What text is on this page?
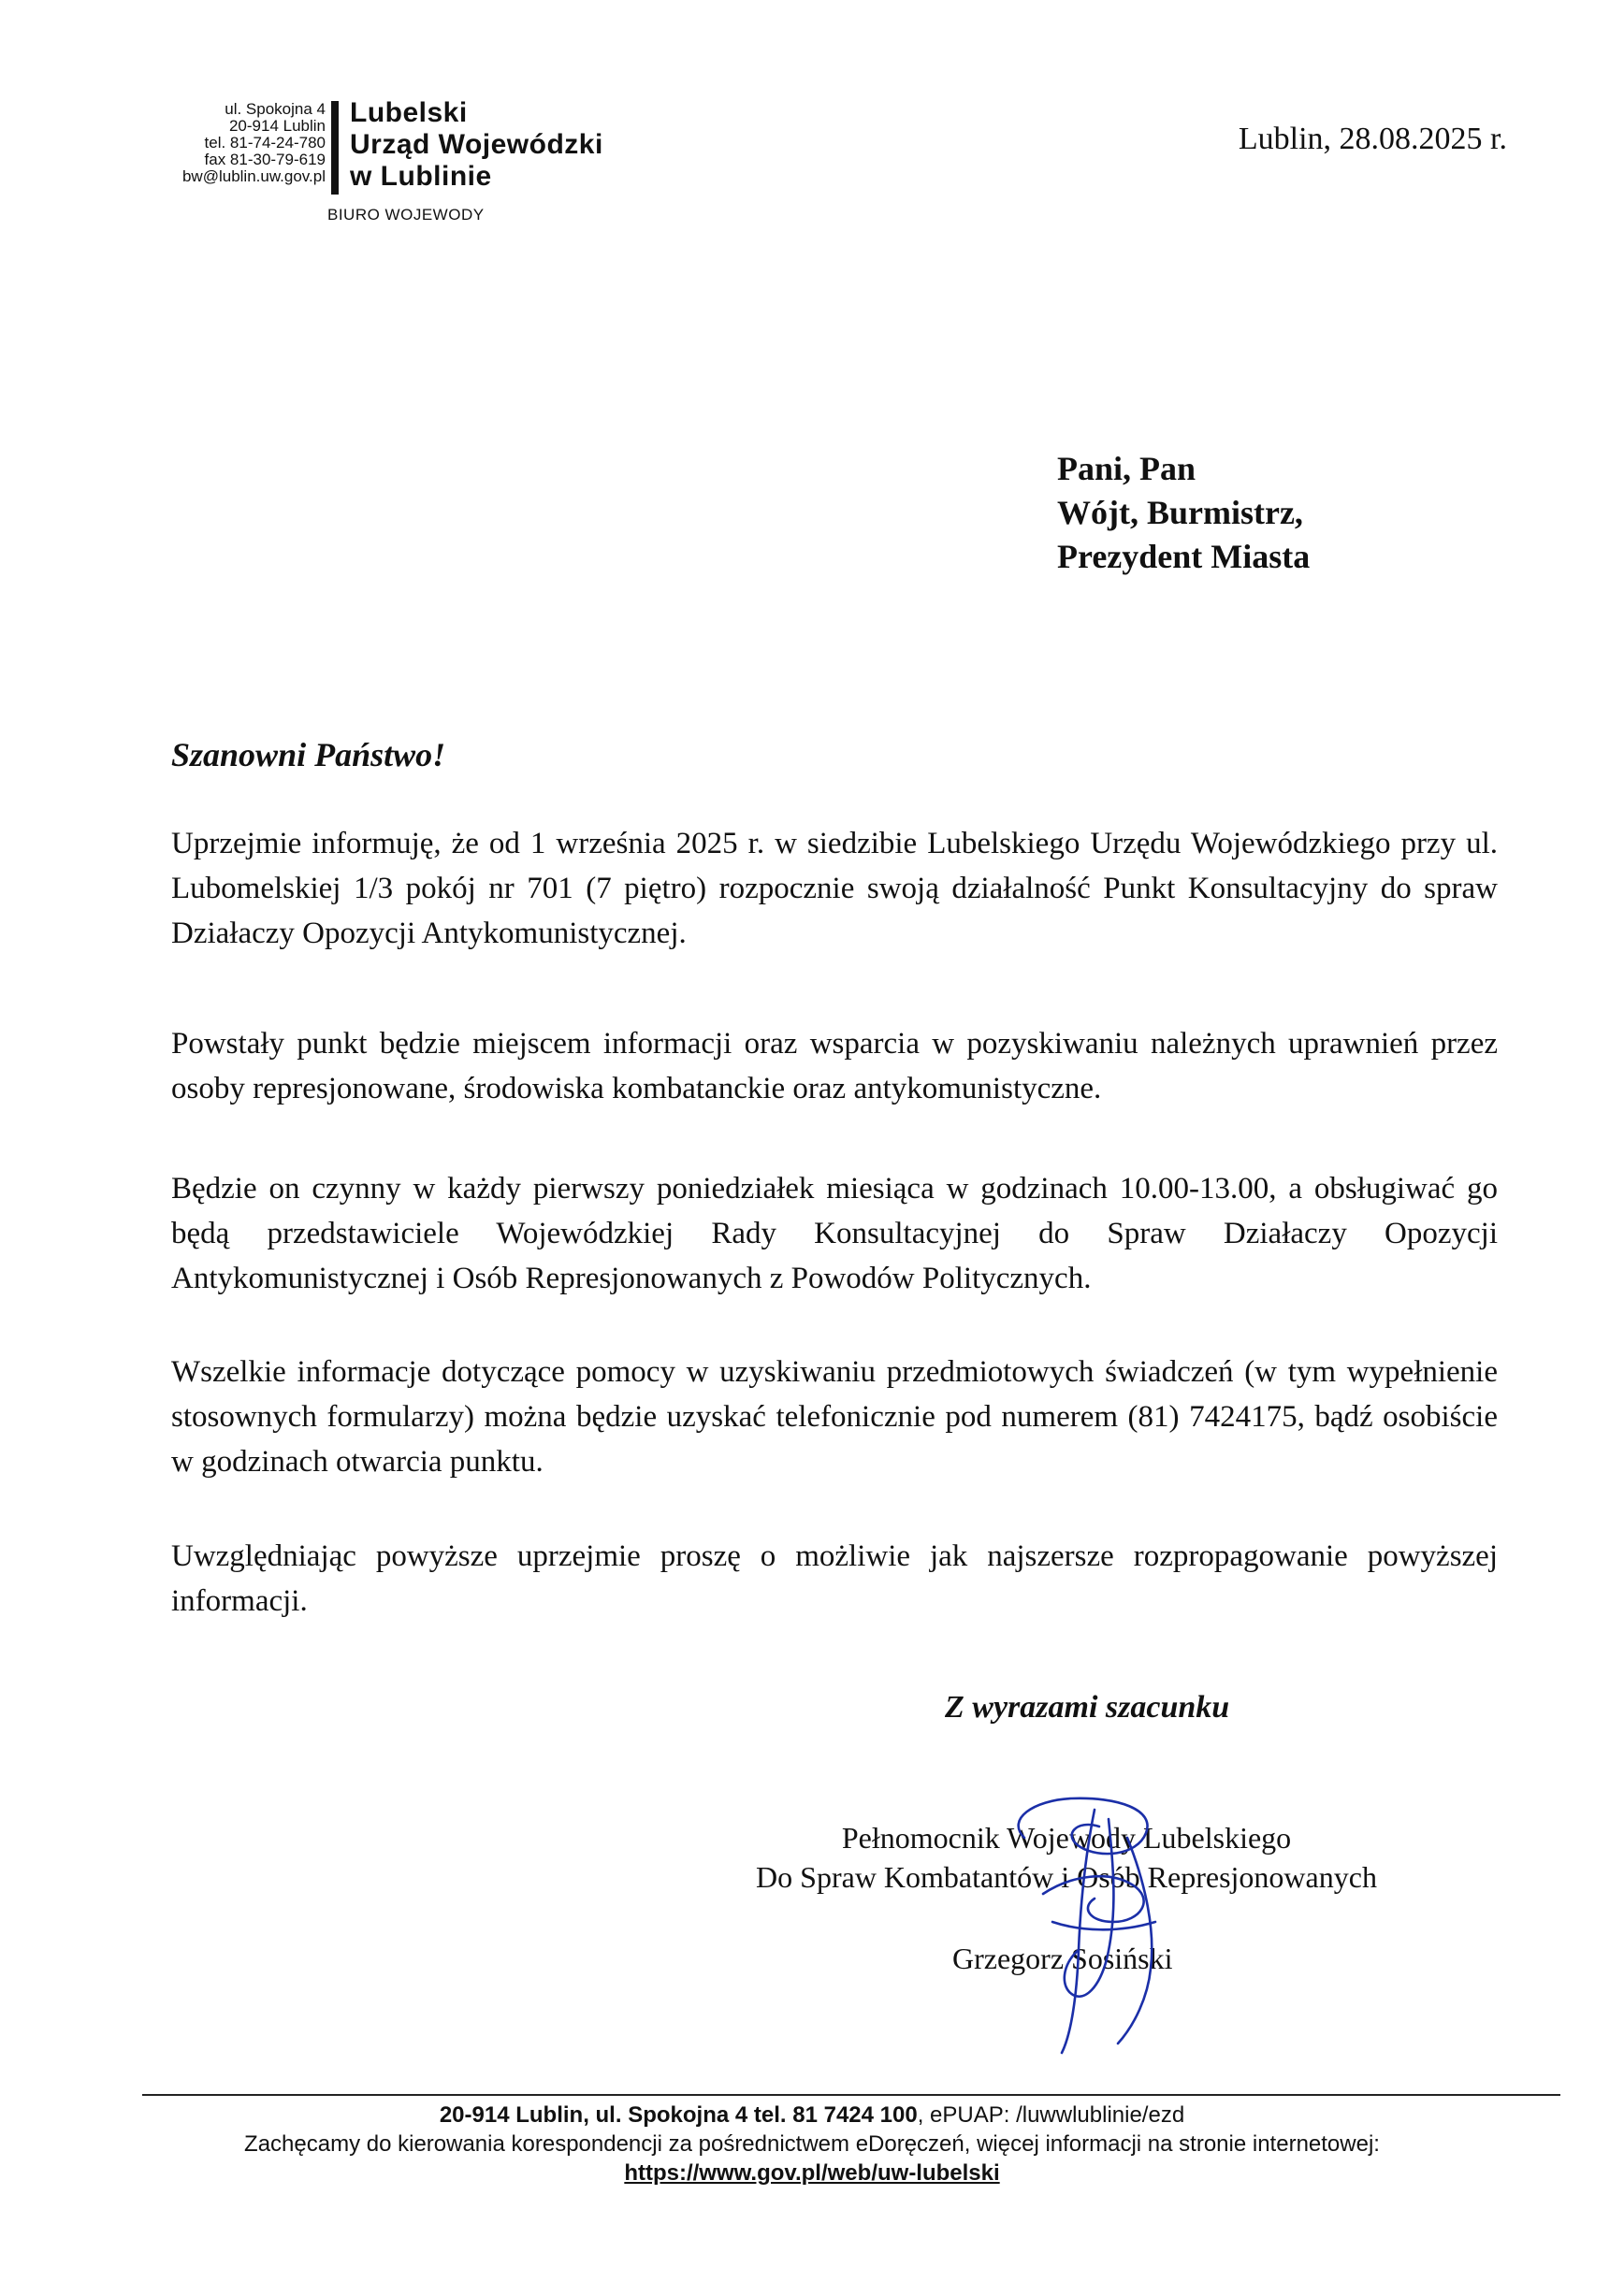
ul. Spokojna 4
20-914 Lublin
tel. 81-74-24-780
fax 81-30-79-619
bw@lublin.uw.gov.pl
Lubelski
Urząd Wojewódzki
w Lublinie
BIURO WOJEWODY
Lublin, 28.08.2025 r.
Pani, Pan
Wójt, Burmistrz,
Prezydent Miasta
Szanowni Państwo!

Uprzejmie informuję, że od 1 września 2025 r. w siedzibie Lubelskiego Urzędu Wojewódzkiego przy ul. Lubomelskiej 1/3 pokój nr 701 (7 piętro) rozpocznie swoją działalność Punkt Konsultacyjny do spraw Działaczy Opozycji Antykomunistycznej.

Powstały punkt będzie miejscem informacji oraz wsparcia w pozyskiwaniu należnych uprawnień przez osoby represjonowane, środowiska kombatanckie oraz antykomunistyczne.

Będzie on czynny w każdy pierwszy poniedziałek miesiąca w godzinach 10.00-13.00, a obsługiwać go będą przedstawiciele Wojewódzkiej Rady Konsultacyjnej do Spraw Działaczy Opozycji Antykomunistycznej i Osób Represjonowanych z Powodów Politycznych.

Wszelkie informacje dotyczące pomocy w uzyskiwaniu przedmiotowych świadczeń (w tym wypełnienie stosownych formularzy) można będzie uzyskać telefonicznie pod numerem (81) 7424175, bądź osobiście w godzinach otwarcia punktu.

Uwzględniając powyższe uprzejmie proszę o możliwie jak najszersze rozpropagowanie powyższej informacji.

Z wyrazami szacunku
Pełnomocnik Wojewody Lubelskiego
Do Spraw Kombatantów i Osób Represjonowanych
Grzegorz Sosiński
20-914 Lublin, ul. Spokojna 4 tel. 81 7424 100, ePUAP: /luwwlublinie/ezd
Zachęcamy do kierowania korespondencji za pośrednictwem eDoręczeń, więcej informacji na stronie internetowej:
https://www.gov.pl/web/uw-lubelski
